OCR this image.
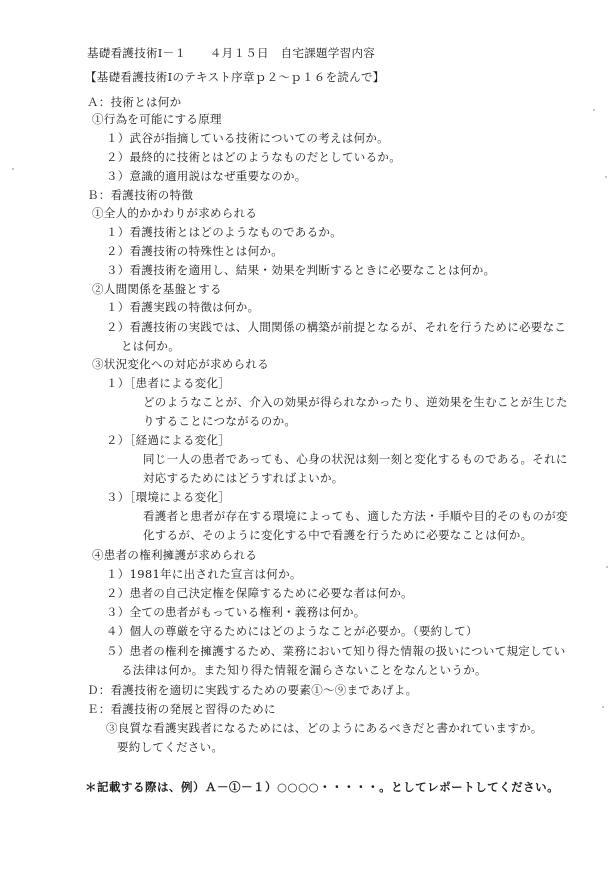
基礎看護技術Ⅰ－１　　４月１５日　自宅課題学習内容
【基礎看護技術Ⅰのテキスト序章ｐ２～ｐ１６を読んで】
Ａ：技術とは何か
①行為を可能にする原理
１）武谷が指摘している技術についての考えは何か。
２）最終的に技術とはどのようなものだとしているか。
３）意識的適用説はなぜ重要なのか。
Ｂ：看護技術の特徴
①全人的かかわりが求められる
１）看護技術とはどのようなものであるか。
２）看護技術の特殊性とは何か。
３）看護技術を適用し、結果・効果を判断するときに必要なことは何か。
②人間関係を基盤とする
１）看護実践の特徴は何か。
２）看護技術の実践では、人間関係の構築が前提となるが、それを行うために必要なこ
とは何か。
③状況変化への対応が求められる
１）［患者による変化］
どのようなことが、介入の効果が得られなかったり、逆効果を生むことが生じた
りすることにつながるのか。
２）［経過による変化］
同じ一人の患者であっても、心身の状況は刻一刻と変化するものである。それに
対応するためにはどうすればよいか。
３）［環境による変化］
看護者と患者が存在する環境によっても、適した方法・手順や目的そのものが変
化するが、そのように変化する中で看護を行うために必要なことは何か。
④患者の権利擁護が求められる
１）1981年に出された宣言は何か。
２）患者の自己決定権を保障するために必要な者は何か。
３）全ての患者がもっている権利・義務は何か。
４）個人の尊厳を守るためにはどのようなことが必要か。（要約して）
５）患者の権利を擁護するため、業務において知り得た情報の扱いについて規定してい
る法律は何か。また知り得た情報を漏らさないことをなんというか。
Ｄ：看護技術を適切に実践するための要素①～⑨まであげよ。
Ｅ：看護技術の発展と習得のために
③良質な看護実践者になるためには、どのようにあるべきだと書かれていますか。
要約してください。
＊記載する際は、例）Ａ－①－１）○○○○・・・・・。としてレポートしてください。
